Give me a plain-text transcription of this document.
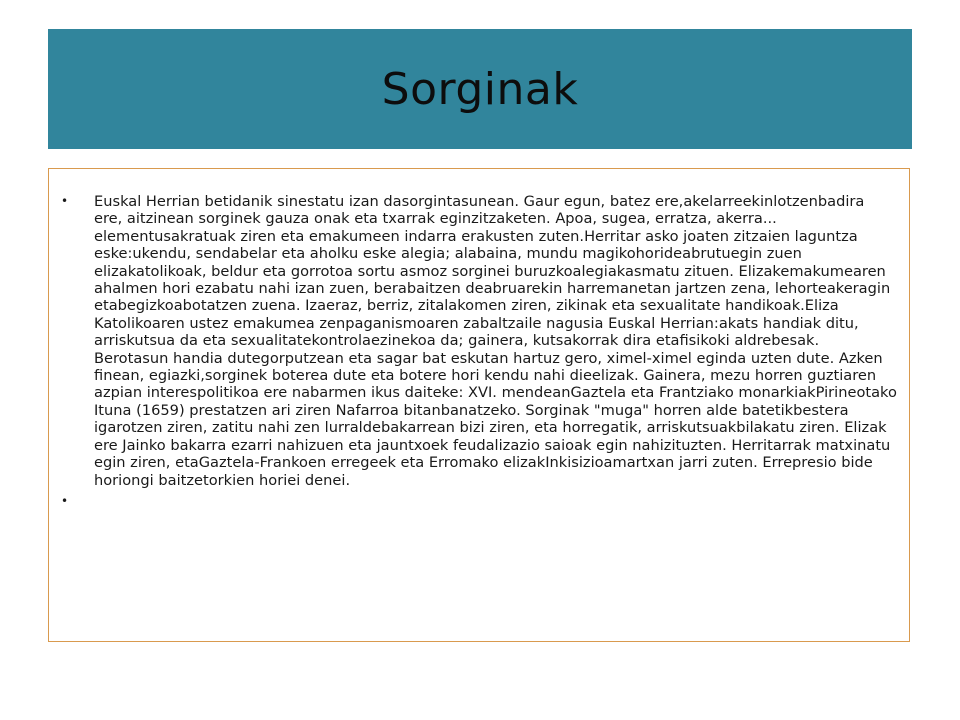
Sorginak
• Euskal Herrian betidanik sinestatu izan dasorgintasunean. Gaur egun, batez ere,akelarreekinlotzenbadira ere, aitzinean sorginek gauza onak eta txarrak eginzitzaketen. Apoa, sugea, erratza, akerra... elementusakratuak ziren eta emakumeen indarra erakusten zuten.Herritar asko joaten zitzaien laguntza eske:ukendu, sendabelar eta aholku eske alegia; alabaina, mundu magikohorideabrutuegin zuen elizakatolikoak, beldur eta gorrotoa sortu asmoz sorginei buruzkoalegiakasmatu zituen. Elizakemakumearen ahalmen hori ezabatu nahi izan zuen, berabaitzen deabruarekin harremanetan jartzen zena, lehorteakeragin etabegizkoabotatzen zuena. Izaeraz, berriz, zitalakomen ziren, zikinak eta sexualitate handikoak.Eliza Katolikoaren ustez emakumea zenpaganismoaren zabaltzaile nagusia Euskal Herrian:akats handiak ditu, arriskutsua da eta sexualitatekontrolaezinekoa da; gainera, kutsakorrak dira etafisikoki aldrebesak. Berotasun handia dutegorputzean eta sagar bat eskutan hartuz gero, ximel-ximel eginda uzten dute. Azken finean, egiazki,sorginek boterea dute eta botere hori kendu nahi dieelizak. Gainera, mezu horren guztiaren azpian interespolitikoa ere nabarmen ikus daiteke: XVI. mendeanGaztela eta Frantziako monarkiakPirineotako Ituna (1659) prestatzen ari ziren Nafarroa bitanbanatzeko. Sorginak "muga" horren alde batetikbestera igarotzen ziren, zatitu nahi zen lurraldebakarrean bizi ziren, eta horregatik, arriskutsuakbilakatu ziren. Elizak ere Jainko bakarra ezarri nahizuen eta jauntxoek feudalizazio saioak egin nahizituzten. Herritarrak matxinatu egin ziren, etaGaztela-Frankoen erregeek eta Erromako elizakInkisizioamartxan jarri zuten. Errepresio bide horiongi baitzetorkien horiei denei.
•
